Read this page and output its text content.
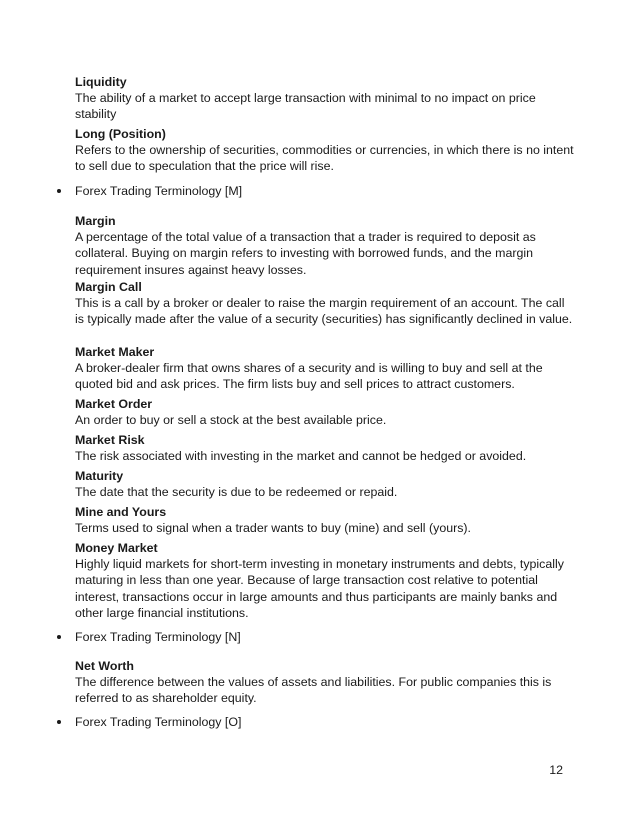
Liquidity
The ability of a market to accept large transaction with minimal to no impact on price stability
Long (Position)
Refers to the ownership of securities, commodities or currencies, in which there is no intent to sell due to speculation that the price will rise.
Forex Trading Terminology [M]
Margin
A percentage of the total value of a transaction that a trader is required to deposit as collateral. Buying on margin refers to investing with borrowed funds, and the margin requirement insures against heavy losses.
Margin Call
This is a call by a broker or dealer to raise the margin requirement of an account. The call is typically made after the value of a security (securities) has significantly declined in value.
Market Maker
A broker-dealer firm that owns shares of a security and is willing to buy and sell at the quoted bid and ask prices. The firm lists buy and sell prices to attract customers.
Market Order
An order to buy or sell a stock at the best available price.
Market Risk
The risk associated with investing in the market and cannot be hedged or avoided.
Maturity
The date that the security is due to be redeemed or repaid.
Mine and Yours
Terms used to signal when a trader wants to buy (mine) and sell (yours).
Money Market
Highly liquid markets for short-term investing in monetary instruments and debts, typically maturing in less than one year. Because of large transaction cost relative to potential interest, transactions occur in large amounts and thus participants are mainly banks and other large financial institutions.
Forex Trading Terminology [N]
Net Worth
The difference between the values of assets and liabilities. For public companies this is referred to as shareholder equity.
Forex Trading Terminology [O]
12
